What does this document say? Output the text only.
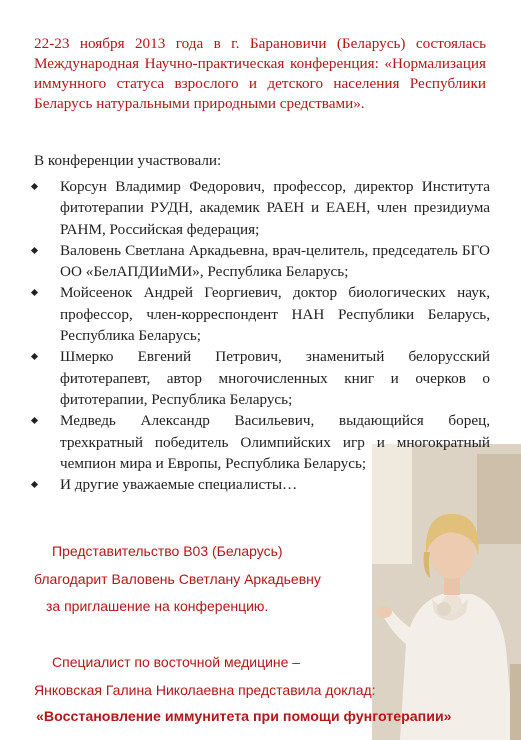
22-23 ноября 2013 года в г. Барановичи (Беларусь) состоялась Международная Научно-практическая конференция: «Нормализация иммунного статуса взрослого и детского населения Республики Беларусь натуральными природными средствами».

В конференции участвовали:

Корсун Владимир Федорович, профессор, директор Института фитотерапии РУДН, академик РАЕН и ЕАЕН, член президиума РАНМ, Российская федерация;
Валовень Светлана Аркадьевна, врач-целитель, председатель БГО ОО «БелАПДИиМИ», Республика Беларусь;
Мойсеенок Андрей Георгиевич, доктор биологических наук, профессор, член-корреспондент НАН Республики Беларусь, Республика Беларусь;
Шмерко Евгений Петрович, знаменитый белорусский фитотерапевт, автор многочисленных книг и очерков о фитотерапии, Республика Беларусь;
Медведь Александр Васильевич, выдающийся борец, трехкратный победитель Олимпийских игр и многократный чемпион мира и Европы, Республика Беларусь;
И другие уважаемые специалисты…

Представительство В03 (Беларусь)

благодарит Валовень Светлану Аркадьевну

за приглашение на конференцию.

Специалист по восточной медицине –

Янковская Галина Николаевна представила доклад:

«Восстановление иммунитета при помощи фунготерапии»
